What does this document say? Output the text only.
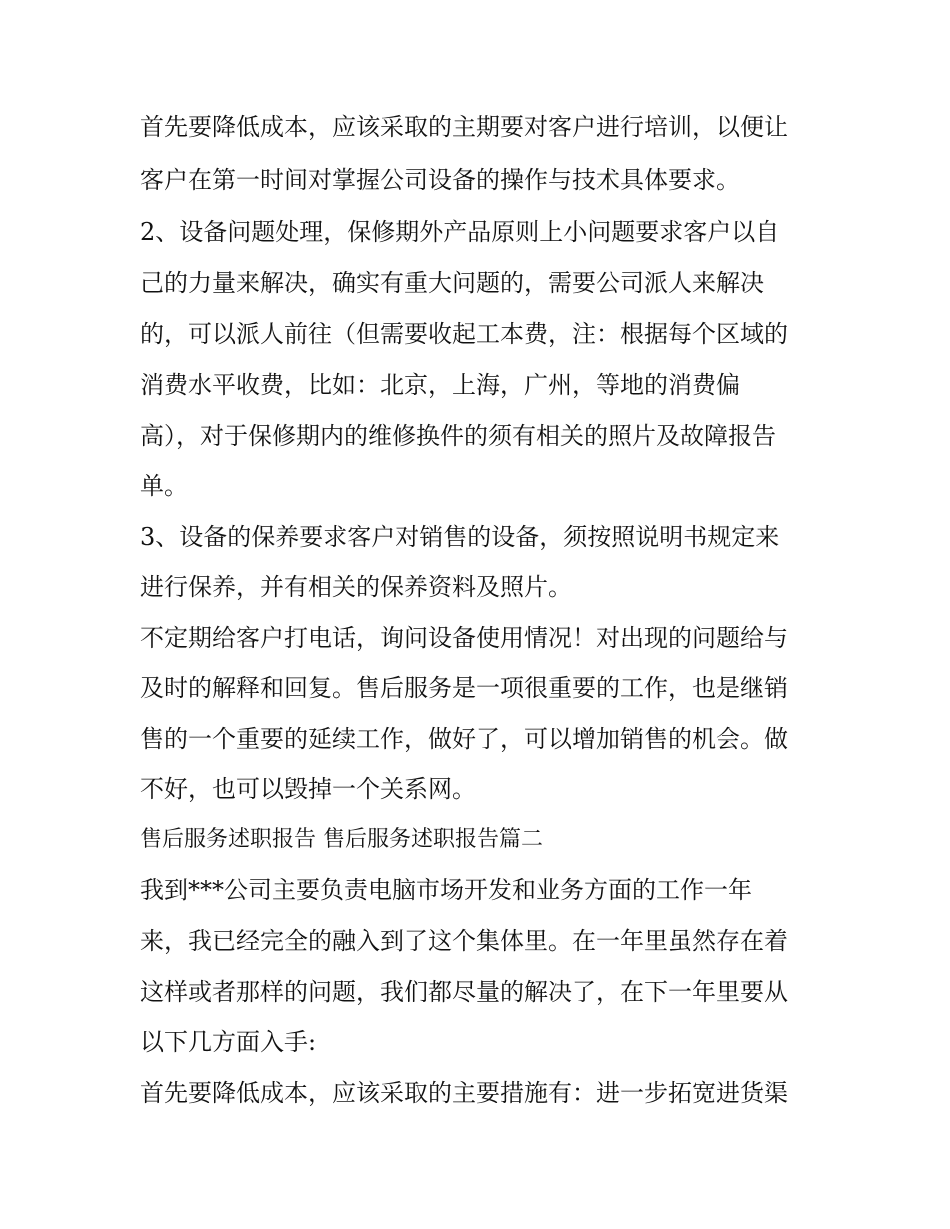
首先要降低成本，应该采取的主期要对客户进行培训，以便让
客户在第一时间对掌握公司设备的操作与技术具体要求。
2、设备问题处理，保修期外产品原则上小问题要求客户以自
己的力量来解决，确实有重大问题的，需要公司派人来解决
的，可以派人前往（但需要收起工本费，注：根据每个区域的
消费水平收费，比如：北京，上海，广州，等地的消费偏
高），对于保修期内的维修换件的须有相关的照片及故障报告
单。
3、设备的保养要求客户对销售的设备，须按照说明书规定来
进行保养，并有相关的保养资料及照片。
不定期给客户打电话，询问设备使用情况！对出现的问题给与
及时的解释和回复。售后服务是一项很重要的工作，也是继销
售的一个重要的延续工作，做好了，可以增加销售的机会。做
不好，也可以毁掉一个关系网。
售后服务述职报告 售后服务述职报告篇二
我到***公司主要负责电脑市场开发和业务方面的工作一年
来，我已经完全的融入到了这个集体里。在一年里虽然存在着
这样或者那样的问题，我们都尽量的解决了，在下一年里要从
以下几方面入手:
首先要降低成本，应该采取的主要措施有：进一步拓宽进货渠
